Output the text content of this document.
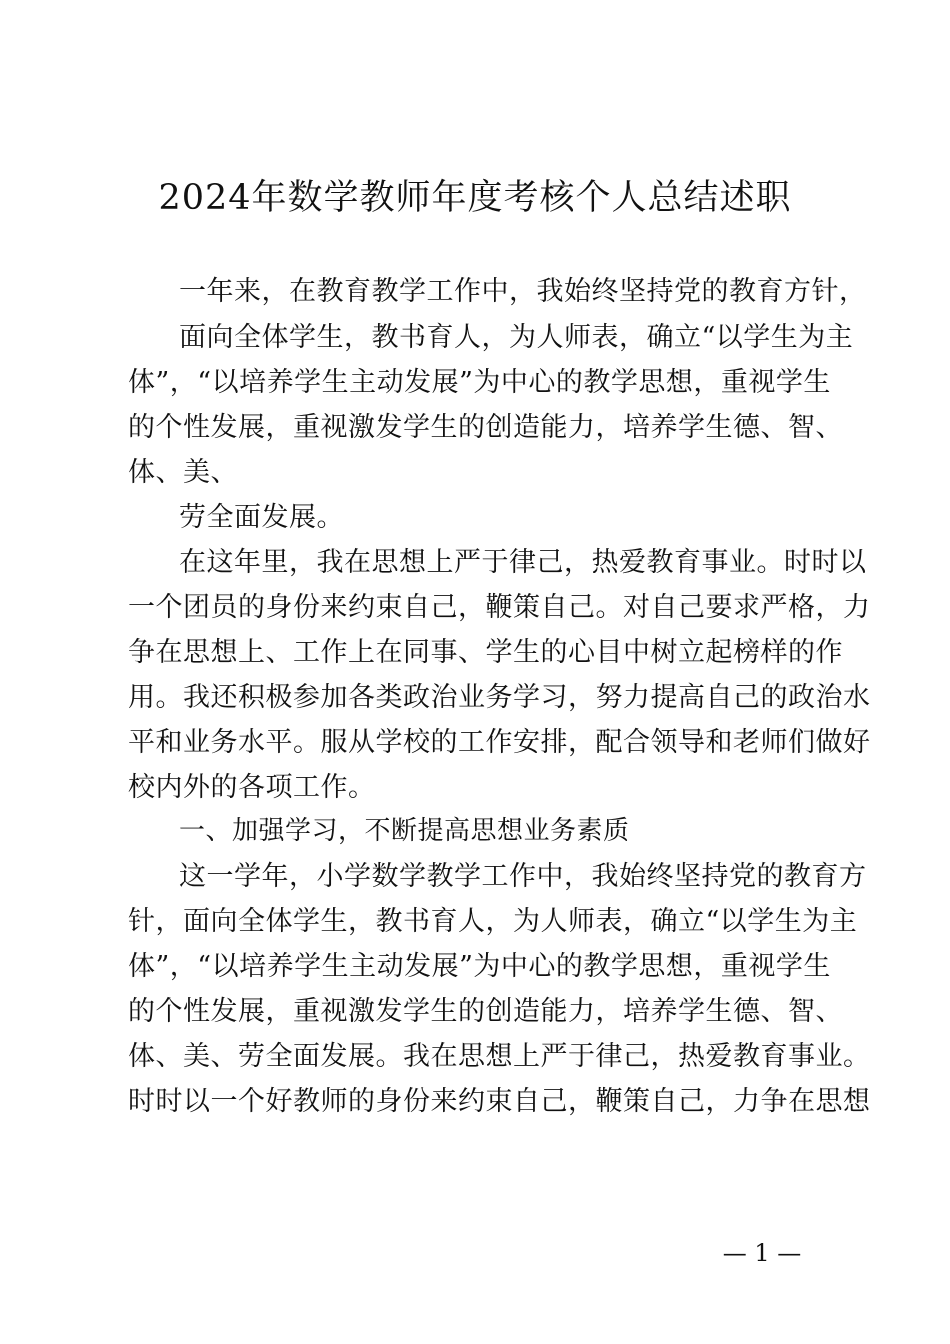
2024年数学教师年度考核个人总结述职
一年来，在教育教学工作中，我始终坚持党的教育方针，
面向全体学生，教书育人，为人师表，确立“以学生为主
体”，“以培养学生主动发展”为中心的教学思想，重视学生
的个性发展，重视激发学生的创造能力，培养学生德、智、
体、美、
劳全面发展。
在这年里，我在思想上严于律己，热爱教育事业。时时以
一个团员的身份来约束自己，鞭策自己。对自己要求严格，力
争在思想上、工作上在同事、学生的心目中树立起榜样的作
用。我还积极参加各类政治业务学习，努力提高自己的政治水
平和业务水平。服从学校的工作安排，配合领导和老师们做好
校内外的各项工作。
一、加强学习，不断提高思想业务素质
这一学年，小学数学教学工作中，我始终坚持党的教育方
针，面向全体学生，教书育人，为人师表，确立“以学生为主
体”，“以培养学生主动发展”为中心的教学思想，重视学生
的个性发展，重视激发学生的创造能力，培养学生德、智、
体、美、劳全面发展。我在思想上严于律己，热爱教育事业。
时时以一个好教师的身份来约束自己，鞭策自己，力争在思想
— 1 —
